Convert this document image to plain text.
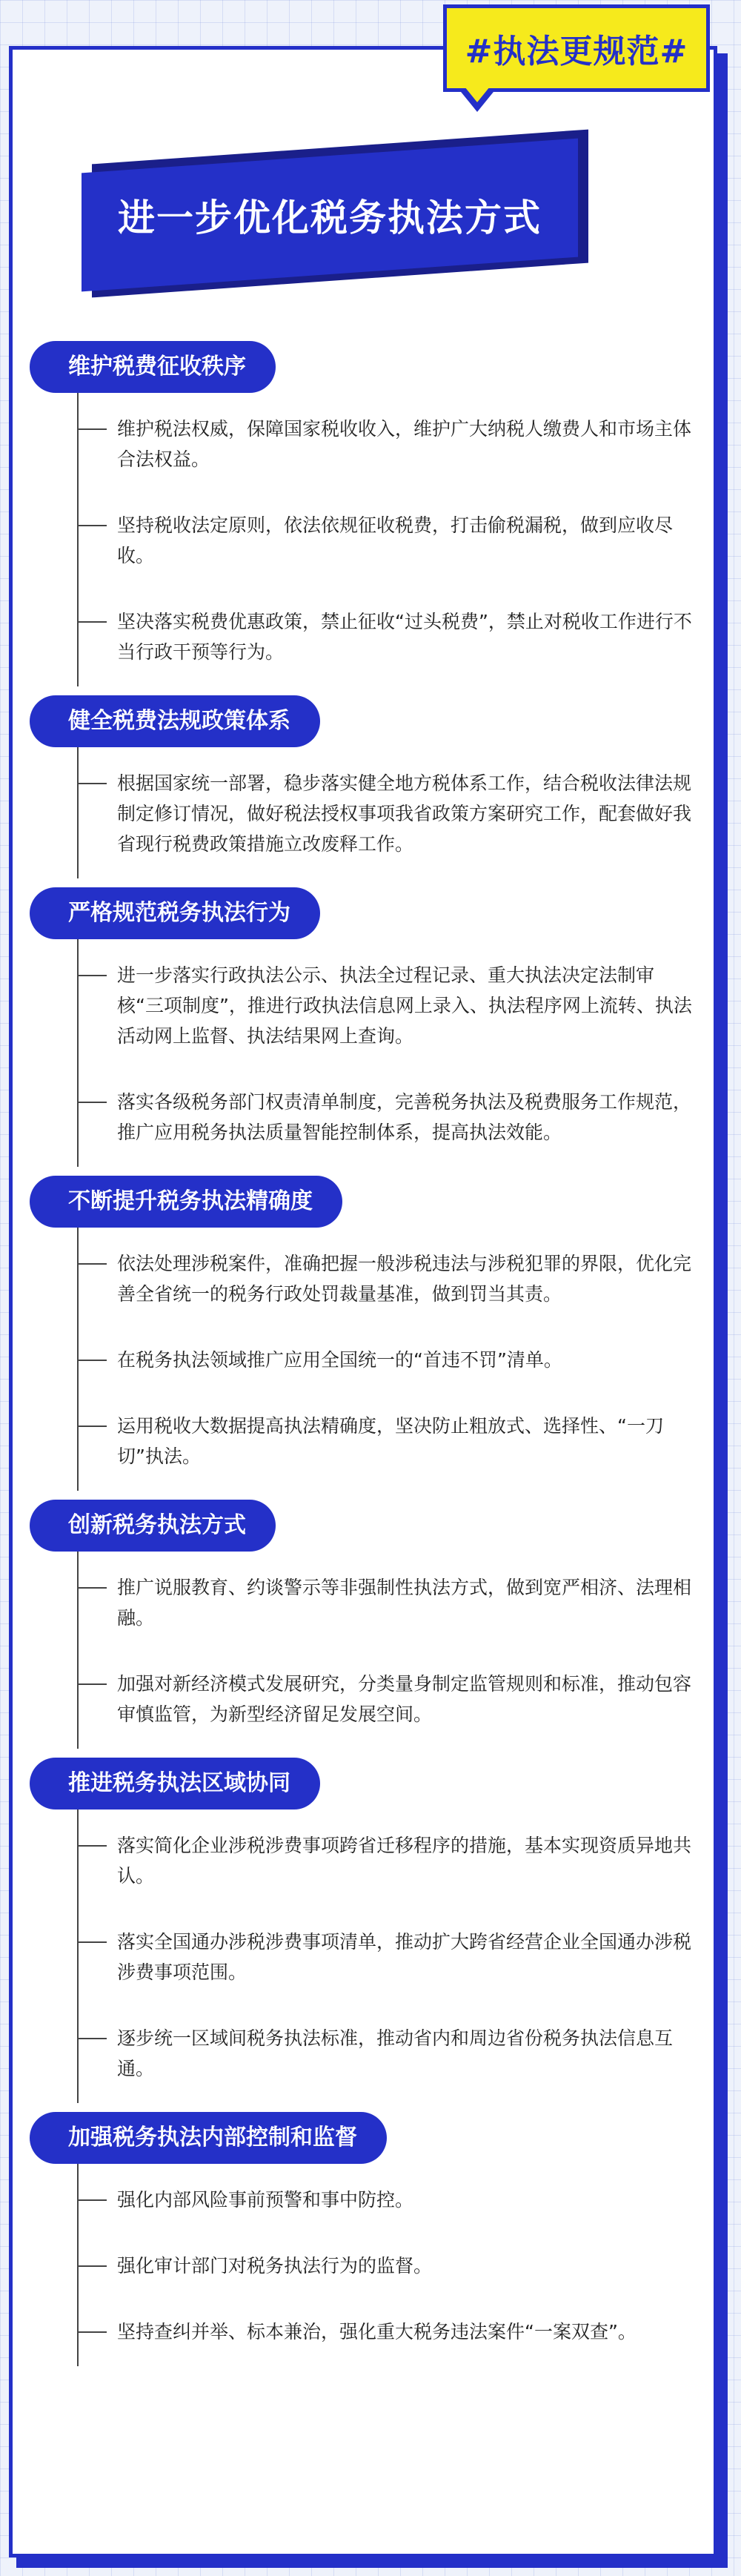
#执法更规范#
进一步优化税务执法方式
维护税费征收秩序
维护税法权威，保障国家税收收入，维护广大纳税人缴费人和市场主体合法权益。
坚持税收法定原则，依法依规征收税费，打击偷税漏税，做到应收尽收。
坚决落实税费优惠政策，禁止征收“过头税费”，禁止对税收工作进行不当行政干预等行为。
健全税费法规政策体系
根据国家统一部署，稳步落实健全地方税体系工作，结合税收法律法规制定修订情况，做好税法授权事项我省政策方案研究工作，配套做好我省现行税费政策措施立改废释工作。
严格规范税务执法行为
进一步落实行政执法公示、执法全过程记录、重大执法决定法制审核“三项制度”，推进行政执法信息网上录入、执法程序网上流转、执法活动网上监督、执法结果网上查询。
落实各级税务部门权责清单制度，完善税务执法及税费服务工作规范，推广应用税务执法质量智能控制体系，提高执法效能。
不断提升税务执法精确度
依法处理涉税案件，准确把握一般涉税违法与涉税犯罪的界限，优化完善全省统一的税务行政处罚裁量基准，做到罚当其责。
在税务执法领域推广应用全国统一的“首违不罚”清单。
运用税收大数据提高执法精确度，坚决防止粗放式、选择性、“一刀切”执法。
创新税务执法方式
推广说服教育、约谈警示等非强制性执法方式，做到宽严相济、法理相融。
加强对新经济模式发展研究，分类量身制定监管规则和标准，推动包容审慎监管，为新型经济留足发展空间。
推进税务执法区域协同
落实简化企业涉税涉费事项跨省迁移程序的措施，基本实现资质异地共认。
落实全国通办涉税涉费事项清单，推动扩大跨省经营企业全国通办涉税涉费事项范围。
逐步统一区域间税务执法标准，推动省内和周边省份税务执法信息互通。
加强税务执法内部控制和监督
强化内部风险事前预警和事中防控。
强化审计部门对税务执法行为的监督。
坚持查纠并举、标本兼治，强化重大税务违法案件“一案双查”。
